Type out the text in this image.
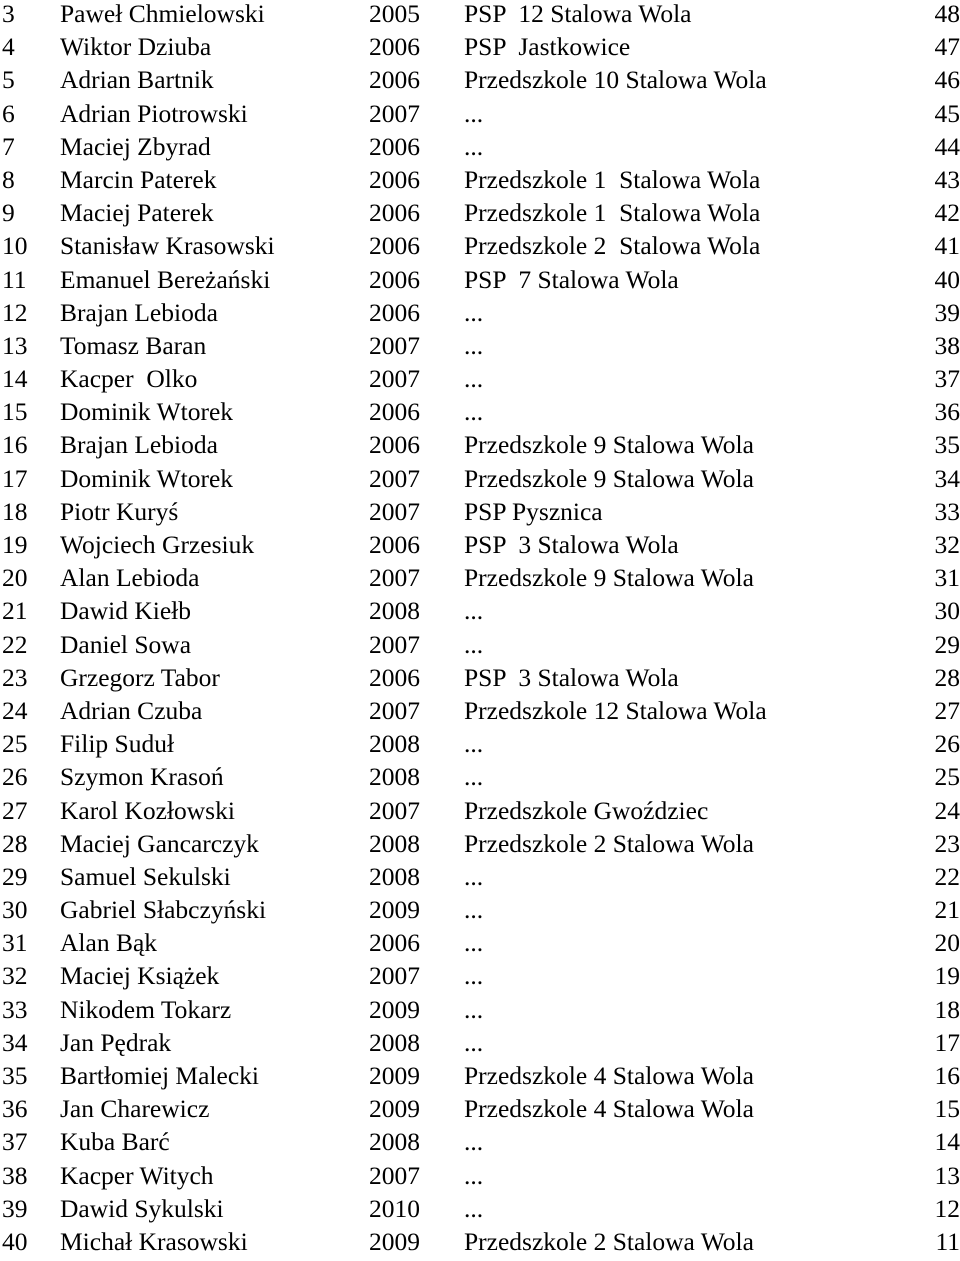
3 Paweł Chmielowski	2005 PSP  12 Stalowa Wola	48
4 Wiktor Dziuba	2006 PSP  Jastkowice	47
5 Adrian Bartnik	2006 Przedszkole 10 Stalowa Wola	46
6 Adrian Piotrowski	2007 ...	45
7 Maciej Zbyrad	2006 ...	44
8 Marcin Paterek	2006 Przedszkole 1  Stalowa Wola	43
9 Maciej Paterek	2006 Przedszkole 1  Stalowa Wola	42
10 Stanisław Krasowski	2006 Przedszkole 2  Stalowa Wola	41
11 Emanuel Bereżański	2006 PSP  7 Stalowa Wola	40
12 Brajan Lebioda	2006 ...	39
13 Tomasz Baran	2007 ...	38
14 Kacper  Olko	2007 ...	37
15 Dominik Wtorek	2006 ...	36
16 Brajan Lebioda	2006 Przedszkole 9 Stalowa Wola	35
17 Dominik Wtorek	2007 Przedszkole 9 Stalowa Wola	34
18 Piotr Kuryś	2007 PSP Pysznica	33
19 Wojciech Grzesiuk	2006 PSP  3 Stalowa Wola	32
20 Alan Lebioda	2007 Przedszkole 9 Stalowa Wola	31
21 Dawid Kiełb	2008 ...	30
22 Daniel Sowa	2007 ...	29
23 Grzegorz Tabor	2006 PSP  3 Stalowa Wola	28
24 Adrian Czuba	2007 Przedszkole 12 Stalowa Wola	27
25 Filip Suduł	2008 ...	26
26 Szymon Krasoń	2008 ...	25
27 Karol Kozłowski	2007 Przedszkole Gwoździec	24
28 Maciej Gancarczyk	2008 Przedszkole 2 Stalowa Wola	23
29 Samuel Sekulski	2008 ...	22
30 Gabriel Słabczyński	2009 ...	21
31 Alan Bąk	2006 ...	20
32 Maciej Książek	2007 ...	19
33 Nikodem Tokarz	2009 ...	18
34 Jan Pędrak	2008 ...	17
35 Bartłomiej Malecki	2009 Przedszkole 4 Stalowa Wola	16
36 Jan Charewicz	2009 Przedszkole 4 Stalowa Wola	15
37 Kuba Barć	2008 ...	14
38 Kacper Witych	2007 ...	13
39 Dawid Sykulski	2010 ...	12
40 Michał Krasowski	2009 Przedszkole 2 Stalowa Wola	11
